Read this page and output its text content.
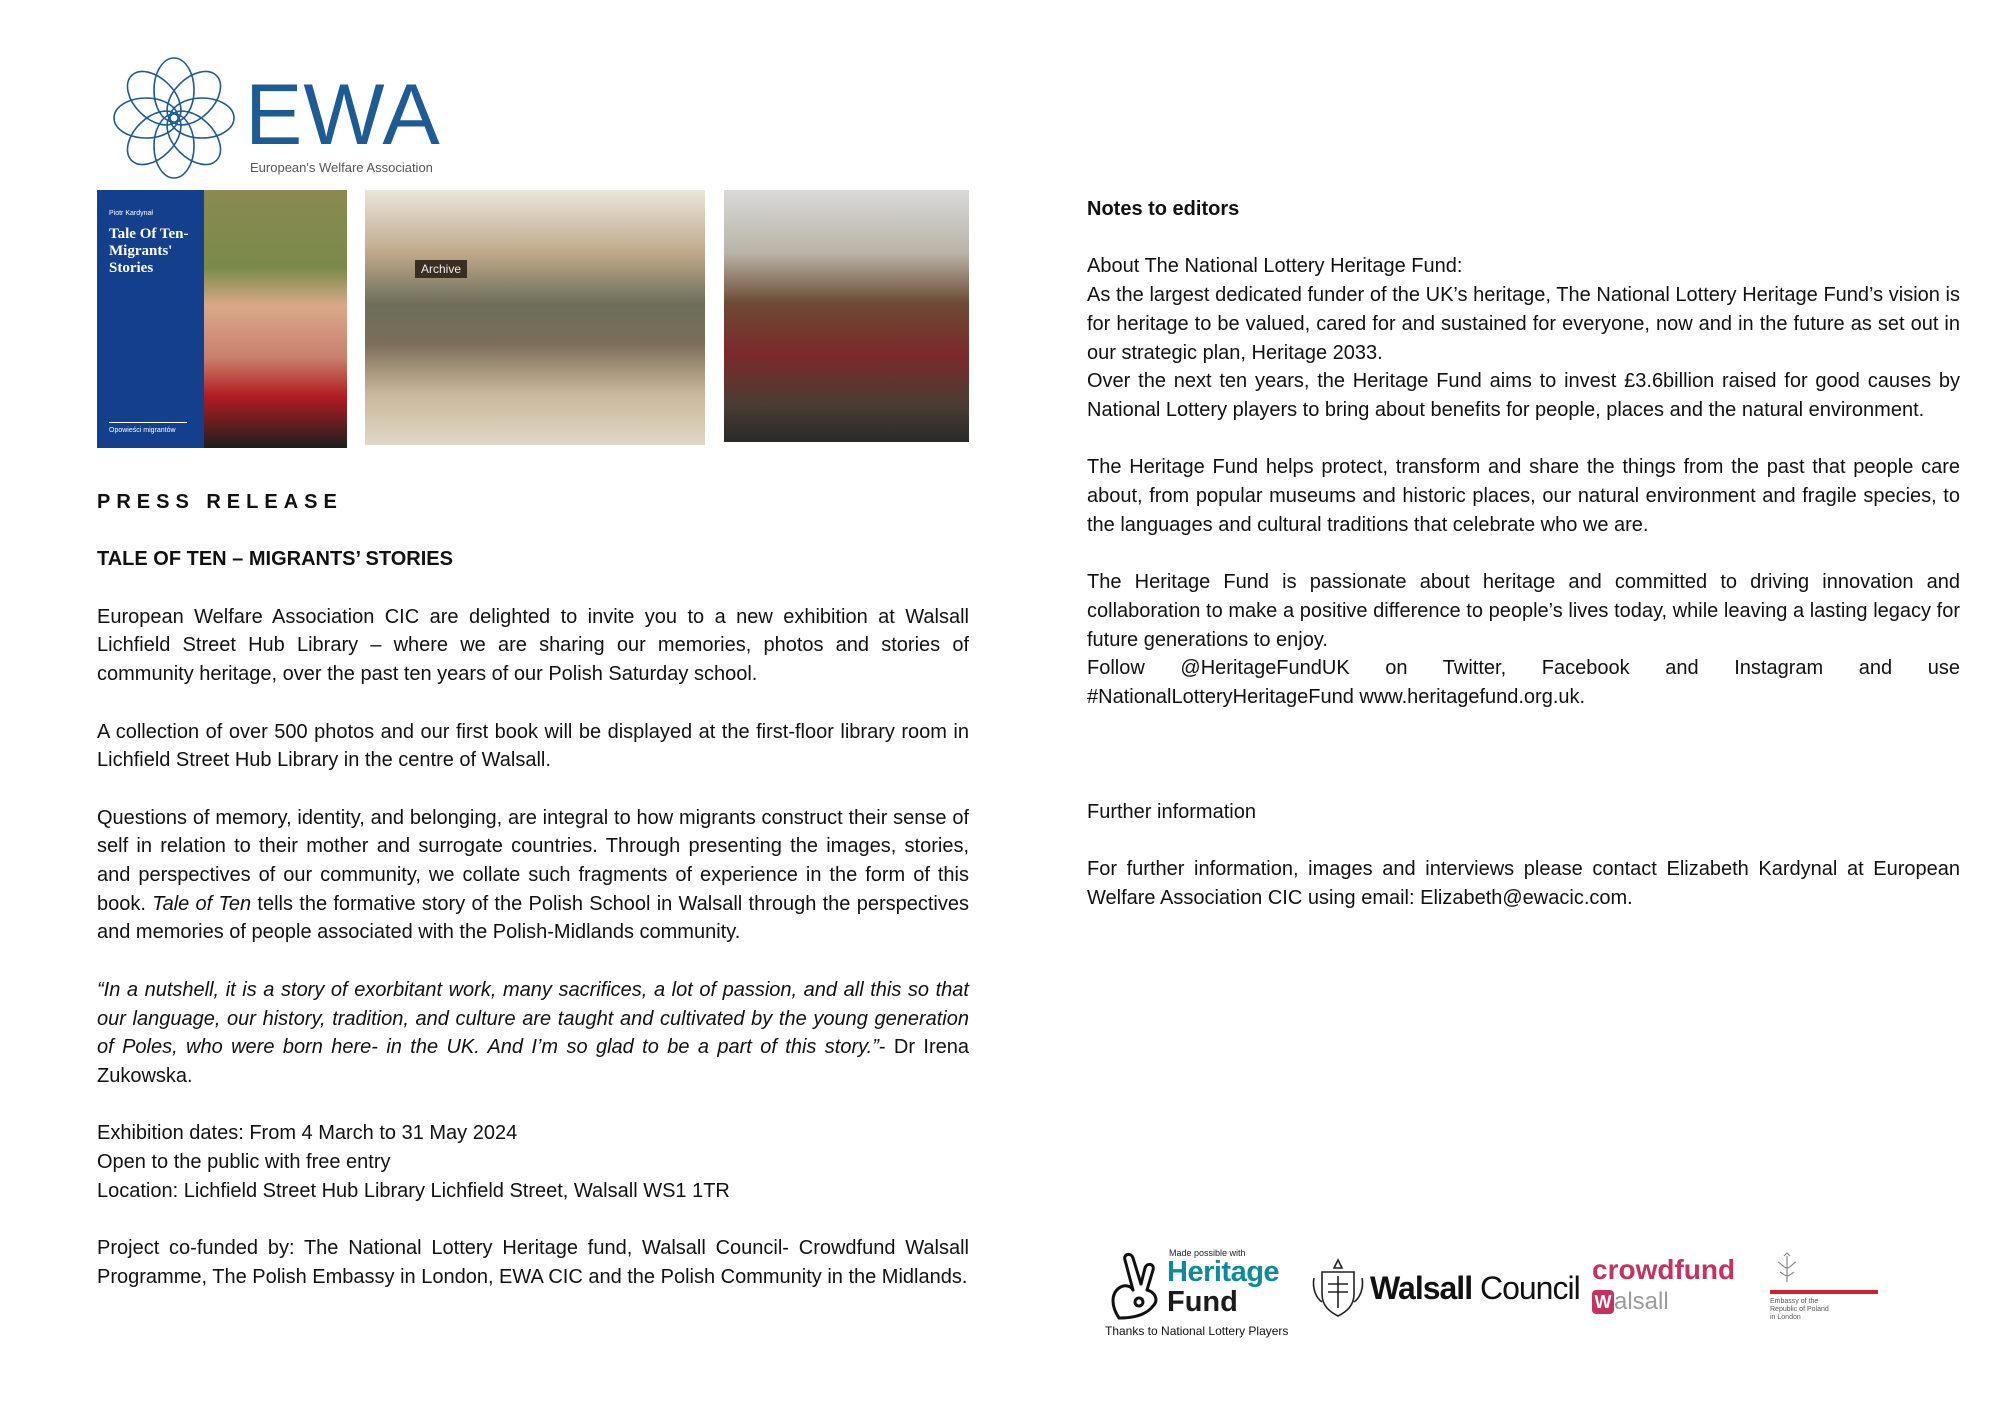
EWA
European's Welfare Association
Piotr Kardynał
Tale Of Ten- Migrants' Stories
Opowieści migrantów
Archive

PRESS RELEASE

TALE OF TEN – MIGRANTS’ STORIES

European Welfare Association CIC are delighted to invite you to a new exhibition at Walsall Lichfield Street Hub Library – where we are sharing our memories, photos and stories of community heritage, over the past ten years of our Polish Saturday school.

A collection of over 500 photos and our first book will be displayed at the first-floor library room in Lichfield Street Hub Library in the centre of Walsall.

Questions of memory, identity, and belonging, are integral to how migrants construct their sense of self in relation to their mother and surrogate countries. Through presenting the images, stories, and perspectives of our community, we collate such fragments of experience in the form of this book. Tale of Ten tells the formative story of the Polish School in Walsall through the perspectives and memories of people associated with the Polish-Midlands community.

“In a nutshell, it is a story of exorbitant work, many sacrifices, a lot of passion, and all this so that our language, our history, tradition, and culture are taught and cultivated by the young generation of Poles, who were born here- in the UK. And I’m so glad to be a part of this story.”- Dr Irena Zukowska.

Exhibition dates: From 4 March to 31 May 2024

Open to the public with free entry

Location: Lichfield Street Hub Library Lichfield Street, Walsall WS1 1TR

Project co-funded by: The National Lottery Heritage fund, Walsall Council- Crowdfund Walsall Programme, The Polish Embassy in London, EWA CIC and the Polish Community in the Midlands.

Notes to editors

About The National Lottery Heritage Fund:

As the largest dedicated funder of the UK’s heritage, The National Lottery Heritage Fund’s vision is for heritage to be valued, cared for and sustained for everyone, now and in the future as set out in our strategic plan, Heritage 2033.

Over the next ten years, the Heritage Fund aims to invest £3.6billion raised for good causes by National Lottery players to bring about benefits for people, places and the natural environment.

The Heritage Fund helps protect, transform and share the things from the past that people care about, from popular museums and historic places, our natural environment and fragile species, to the languages and cultural traditions that celebrate who we are.

The Heritage Fund is passionate about heritage and committed to driving innovation and collaboration to make a positive difference to people’s lives today, while leaving a lasting legacy for future generations to enjoy.

Follow @HeritageFundUK on Twitter, Facebook and Instagram and use #NationalLotteryHeritageFund www.heritagefund.org.uk.

Further information

For further information, images and interviews please contact Elizabeth Kardynal at European Welfare Association CIC using email: Elizabeth@ewacic.com.

Made possible with
Heritage
Fund
Thanks to National Lottery Players
Walsall Council
crowdfund
W alsall	Embassy of the Republic of Poland in London
